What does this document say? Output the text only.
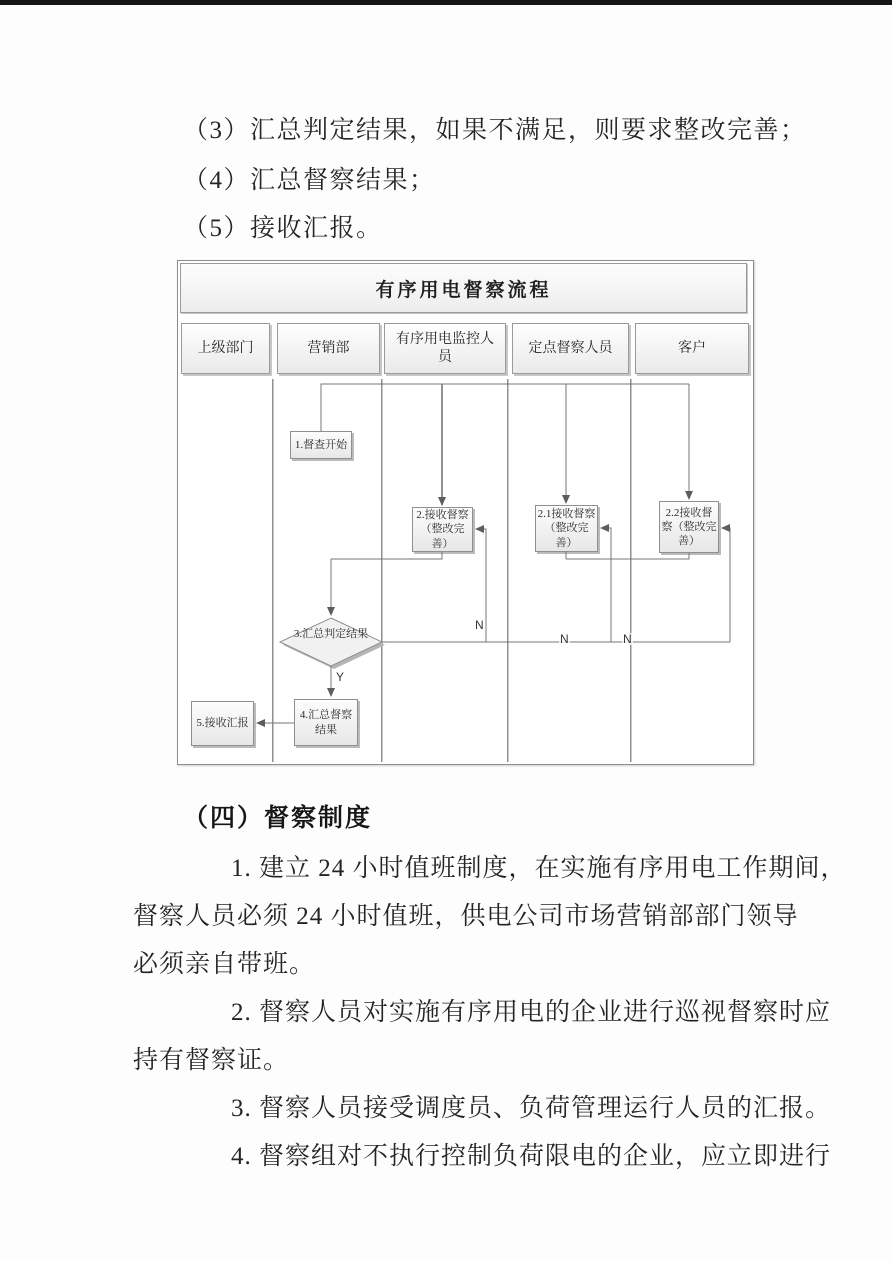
（3）汇总判定结果，如果不满足，则要求整改完善；

（4）汇总督察结果；

（5）接收汇报。

有序用电督察流程
上级部门	营销部
有序用电监控人员
定点督察人员	客户
1.督查开始
2.接收督察（整改完善）
2.1接收督察（整改完善）
2.2接收督察（整改完善）
3.汇总判定结果
4.汇总督察结果
5.接收汇报
Y
N
N	N
（四）督察制度

1. 建立 24 小时值班制度，在实施有序用电工作期间，

督察人员必须 24 小时值班，供电公司市场营销部部门领导

必须亲自带班。

2. 督察人员对实施有序用电的企业进行巡视督察时应

持有督察证。

3. 督察人员接受调度员、负荷管理运行人员的汇报。

4. 督察组对不执行控制负荷限电的企业，应立即进行
